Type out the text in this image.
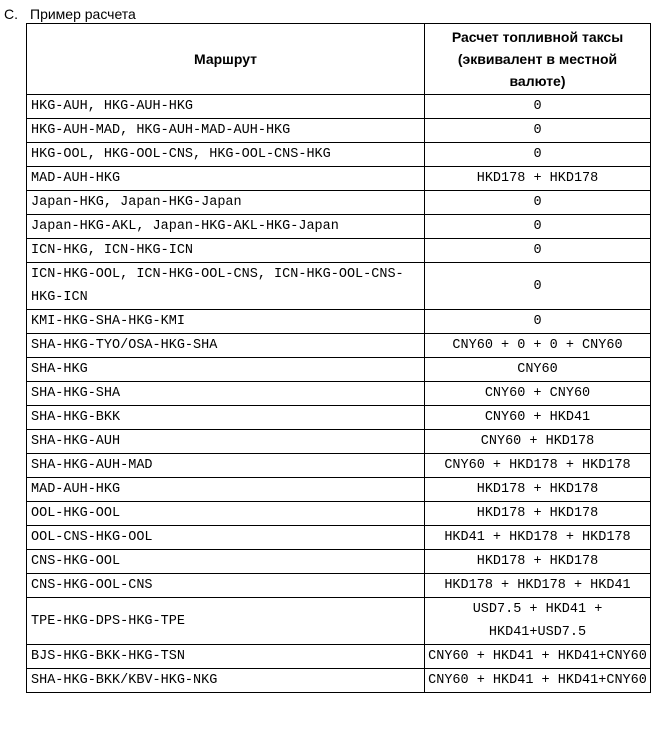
C. Пример расчета
Маршрут	Расчет топливной таксы (эквивалент в местной валюте)
HKG-AUH, HKG-AUH-HKG	0
HKG-AUH-MAD, HKG-AUH-MAD-AUH-HKG	0
HKG-OOL, HKG-OOL-CNS, HKG-OOL-CNS-HKG	0
MAD-AUH-HKG	HKD178 + HKD178
Japan-HKG, Japan-HKG-Japan	0
Japan-HKG-AKL, Japan-HKG-AKL-HKG-Japan	0
ICN-HKG, ICN-HKG-ICN	0
ICN-HKG-OOL, ICN-HKG-OOL-CNS, ICN-HKG-OOL-CNS-HKG-ICN	0
KMI-HKG-SHA-HKG-KMI	0
SHA-HKG-TYO/OSA-HKG-SHA	CNY60 + 0 + 0 + CNY60
SHA-HKG	CNY60
SHA-HKG-SHA	CNY60 + CNY60
SHA-HKG-BKK	CNY60 + HKD41
SHA-HKG-AUH	CNY60 + HKD178
SHA-HKG-AUH-MAD	CNY60 + HKD178 + HKD178
MAD-AUH-HKG	HKD178 + HKD178
OOL-HKG-OOL	HKD178 + HKD178
OOL-CNS-HKG-OOL	HKD41 + HKD178 + HKD178
CNS-HKG-OOL	HKD178 + HKD178
CNS-HKG-OOL-CNS	HKD178 + HKD178 + HKD41
TPE-HKG-DPS-HKG-TPE	USD7.5 + HKD41 + HKD41+USD7.5
BJS-HKG-BKK-HKG-TSN	CNY60 + HKD41 + HKD41+CNY60
SHA-HKG-BKK/KBV-HKG-NKG	CNY60 + HKD41 + HKD41+CNY60
